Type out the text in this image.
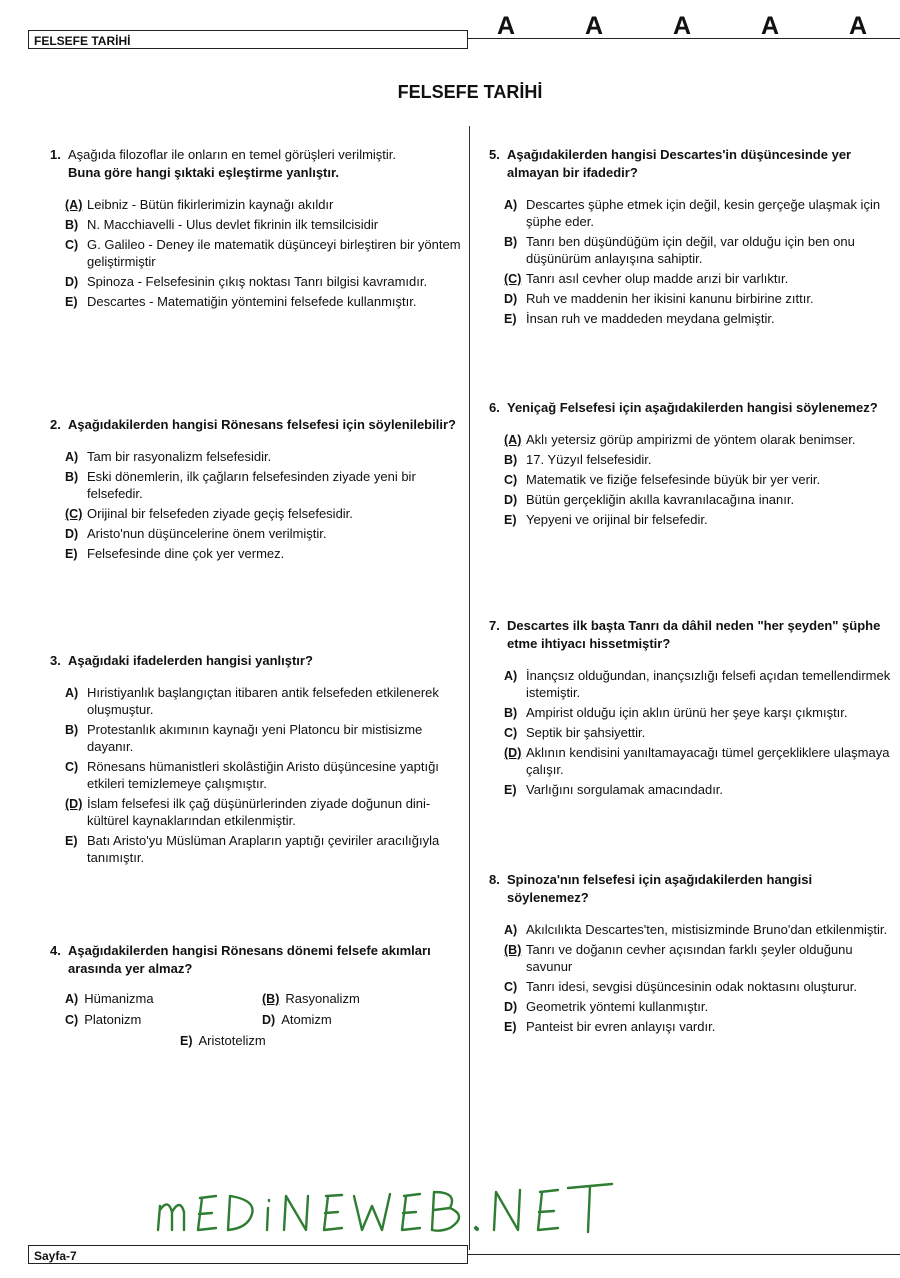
FELSEFE TARİHİ
A	A	A	A	A
FELSEFE TARİHİ
1. Aşağıda filozoflar ile onların en temel görüşleri verilmiştir.
Buna göre hangi şıktaki eşleştirme yanlıştır.
(A) Leibniz - Bütün fikirlerimizin kaynağı akıldır
B) N. Macchiavelli - Ulus devlet fikrinin ilk temsilcisidir
C) G. Galileo - Deney ile matematik düşünceyi birleştiren bir yöntem geliştirmiştir
D) Spinoza - Felsefesinin çıkış noktası Tanrı bilgisi kavramıdır.
E) Descartes - Matematiğin yöntemini felsefede kullanmıştır.
2. Aşağıdakilerden hangisi Rönesans felsefesi için söylenilebilir?
A) Tam bir rasyonalizm felsefesidir.
B) Eski dönemlerin, ilk çağların felsefesinden ziyade yeni bir felsefedir.
(C) Orijinal bir felsefeden ziyade geçiş felsefesidir.
D) Aristo'nun düşüncelerine önem verilmiştir.
E) Felsefesinde dine çok yer vermez.
3. Aşağıdaki ifadelerden hangisi yanlıştır?
A) Hıristiyanlık başlangıçtan itibaren antik felsefeden etkilenerek oluşmuştur.
B) Protestanlık akımının kaynağı yeni Platoncu bir mistisizme dayanır.
C) Rönesans hümanistleri skolâstiğin Aristo düşüncesine yaptığı etkileri temizlemeye çalışmıştır.
(D) İslam felsefesi ilk çağ düşünürlerinden ziyade doğunun dini-kültürel kaynaklarından etkilenmiştir.
E) Batı Aristo'yu Müslüman Arapların yaptığı çeviriler aracılığıyla tanımıştır.
4. Aşağıdakilerden hangisi Rönesans dönemi felsefe akımları arasında yer almaz?
A) Hümanizma	(B) Rasyonalizm
C) Platonizm	D) Atomizm
E) Aristotelizm
5. Aşağıdakilerden hangisi Descartes'in düşüncesinde yer almayan bir ifadedir?
A) Descartes şüphe etmek için değil, kesin gerçeğe ulaşmak için şüphe eder.
B) Tanrı ben düşündüğüm için değil, var olduğu için ben onu düşünürüm anlayışına sahiptir.
(C) Tanrı asıl cevher olup madde arızi bir varlıktır.
D) Ruh ve maddenin her ikisini kanunu birbirine zıttır.
E) İnsan ruh ve maddeden meydana gelmiştir.
6. Yeniçağ Felsefesi için aşağıdakilerden hangisi söylenemez?
(A) Aklı yetersiz görüp ampirizmi de yöntem olarak benimser.
B) 17. Yüzyıl felsefesidir.
C) Matematik ve fiziğe felsefesinde büyük bir yer verir.
D) Bütün gerçekliğin akılla kavranılacağına inanır.
E) Yepyeni ve orijinal bir felsefedir.
7. Descartes ilk başta Tanrı da dâhil neden "her şeyden" şüphe etme ihtiyacı hissetmiştir?
A) İnançsız olduğundan, inançsızlığı felsefi açıdan temellendirmek istemiştir.
B) Ampirist olduğu için aklın ürünü her şeye karşı çıkmıştır.
C) Septik bir şahsiyettir.
(D) Aklının kendisini yanıltamayacağı tümel gerçekliklere ulaşmaya çalışır.
E) Varlığını sorgulamak amacındadır.
8. Spinoza'nın felsefesi için aşağıdakilerden hangisi söylenemez?
A) Akılcılıkta Descartes'ten, mistisizminde Bruno'dan etkilenmiştir.
(B) Tanrı ve doğanın cevher açısından farklı şeyler olduğunu savunur
C) Tanrı idesi, sevgisi düşüncesinin odak noktasını oluşturur.
D) Geometrik yöntemi kullanmıştır.
E) Panteist bir evren anlayışı vardır.
Sayfa-7
